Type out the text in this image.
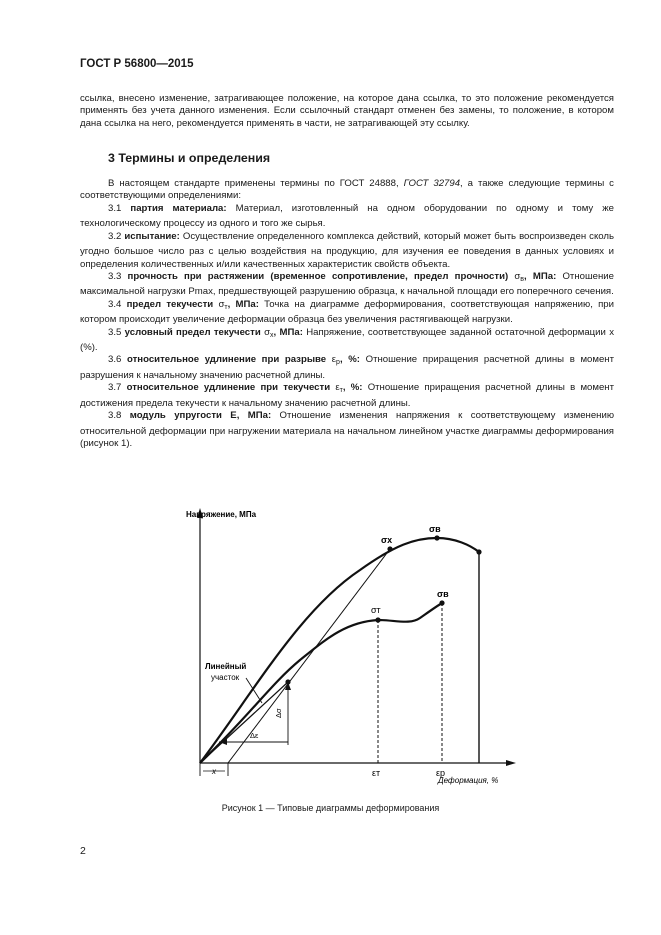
ГОСТ Р 56800—2015

ссылка, внесено изменение, затрагивающее положение, на которое дана ссылка, то это положение рекомендуется применять без учета данного изменения. Если ссылочный стандарт отменен без замены, то положение, в котором дана ссылка на него, рекомендуется применять в части, не затрагивающей эту ссылку.

3 Термины и определения
В настоящем стандарте применены термины по ГОСТ 24888, ГОСТ 32794, а также следующие термины с соответствующими определениями:
3.1 партия материала: Материал, изготовленный на одном оборудовании по одному и тому же технологическому процессу из одного и того же сырья.
3.2 испытание: Осуществление определенного комплекса действий, который может быть воспроизведен сколь угодно большое число раз с целью воздействия на продукцию, для изучения ее поведения в данных условиях и определения количественных и/или качественных характеристик свойств объекта.
3.3 прочность при растяжении (временное сопротивление, предел прочности) $\sigma_в$, МПа: Отношение максимальной нагрузки Pmax, предшествующей разрушению образца, к начальной площади его поперечного сечения.
3.4 предел текучести $\sigma_т$, МПа: Точка на диаграмме деформирования, соответствующая напряжению, при котором происходит увеличение деформации образца без увеличения растягивающей нагрузки.
3.5 условный предел текучести $\sigma_x$, МПа: Напряжение, соответствующее заданной остаточной деформации x (%).
3.6 относительное удлинение при разрыве $\varepsilon_р$, %: Отношение приращения расчетной длины в момент разрушения к начальному значению расчетной длины.
3.7 относительное удлинение при текучести $\varepsilon_т$, %: Отношение приращения расчетной длины в момент достижения предела текучести к начальному значению расчетной длины.
3.8 модуль упругости E, МПа: Отношение изменения напряжения к соответствующему изменению относительной деформации при нагружении материала на начальном линейном участке диаграммы деформирования (рисунок 1).
Напряжение, МПа
Деформация, %
Линейный
участок
σx
σв
σт
σв
εт	εр
x
Δσ
Δε
Рисунок 1 — Типовые диаграммы деформирования
2
